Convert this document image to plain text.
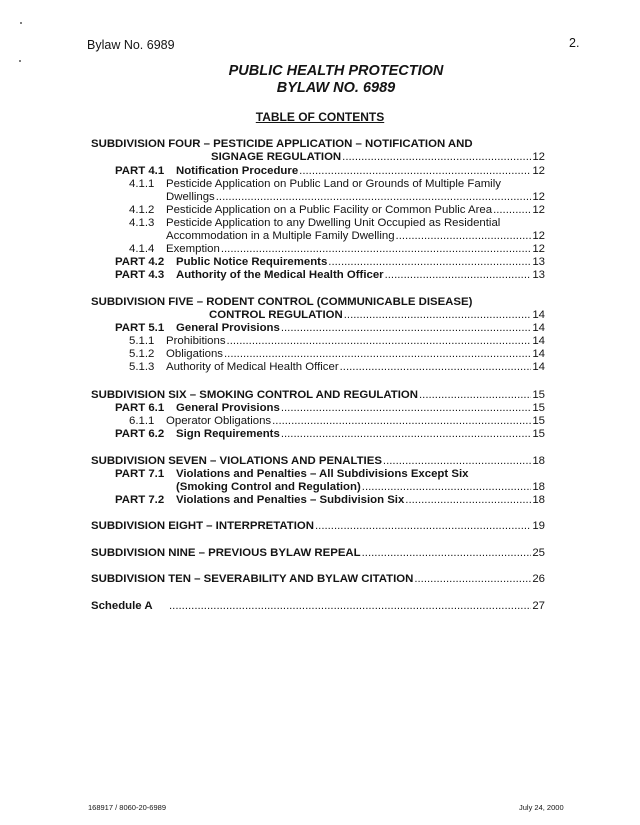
Bylaw No. 6989	2.
PUBLIC HEALTH PROTECTION
BYLAW NO. 6989
TABLE OF CONTENTS
SUBDIVISION FOUR – PESTICIDE APPLICATION – NOTIFICATION AND
SIGNAGE REGULATION .....	12
PART 4.1	Notification Procedure .....	12
4.1.1	Pesticide Application on Public Land or Grounds of Multiple Family
Dwellings .....	12
4.1.2	Pesticide Application on a Public Facility or Common Public Area .....	12
4.1.3	Pesticide Application to any Dwelling Unit Occupied as Residential
Accommodation in a Multiple Family Dwelling .....	12
4.1.4	Exemption .....	12
PART 4.2	Public Notice Requirements .....	13
PART 4.3	Authority of the Medical Health Officer .....	13
SUBDIVISION FIVE – RODENT CONTROL (COMMUNICABLE DISEASE)
CONTROL REGULATION .....	14
PART 5.1	General Provisions .....	14
5.1.1	Prohibitions .....	14
5.1.2	Obligations .....	14
5.1.3	Authority of Medical Health Officer .....	14
SUBDIVISION SIX – SMOKING CONTROL AND REGULATION .....	15
PART 6.1	General Provisions .....	15
6.1.1	Operator Obligations .....	15
PART 6.2	Sign Requirements .....	15
SUBDIVISION SEVEN – VIOLATIONS AND PENALTIES .....	18
PART 7.1	Violations and Penalties – All Subdivisions Except Six
(Smoking Control and Regulation) .....	18
PART 7.2	Violations and Penalties – Subdivision Six .....	18
SUBDIVISION EIGHT – INTERPRETATION .....	19
SUBDIVISION NINE – PREVIOUS BYLAW REPEAL .....	25
SUBDIVISION TEN – SEVERABILITY AND BYLAW CITATION .....	26
Schedule A .....	27
168917 / 8060-20-6989	July 24, 2000
